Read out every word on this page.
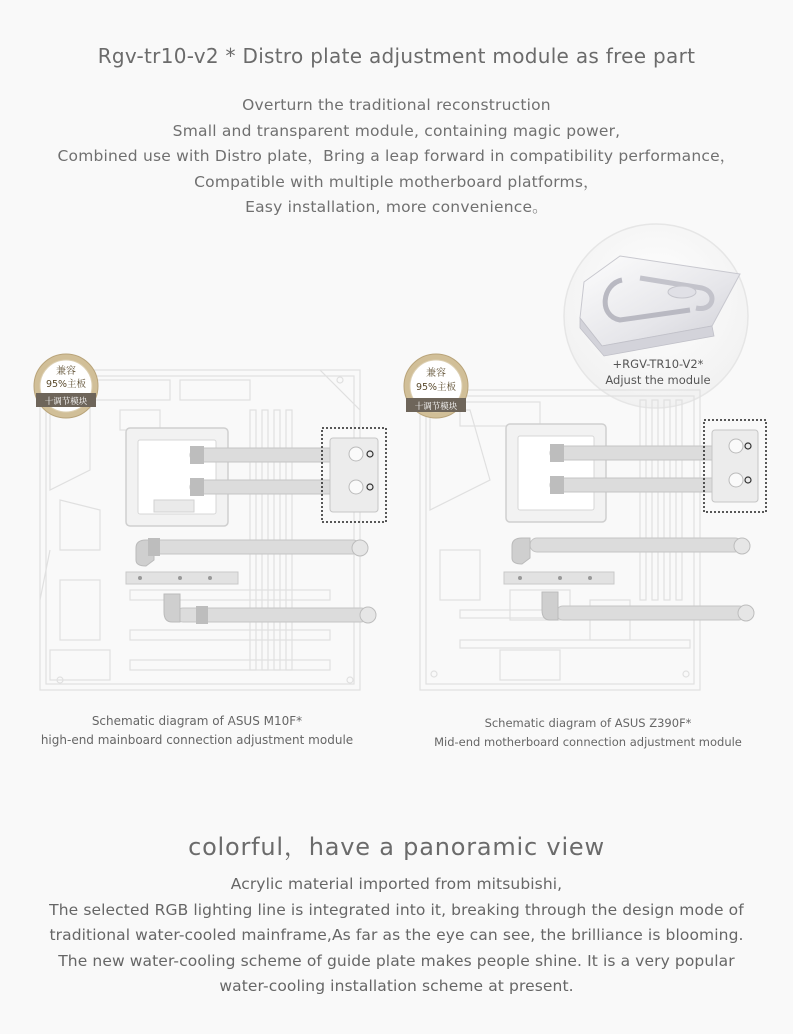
Rgv-tr10-v2 * Distro plate adjustment module as free part
Overturn the traditional reconstruction
Small and transparent module, containing magic power,
Combined use with Distro plate，Bring a leap forward in compatibility performance，
Compatible with multiple motherboard platforms，
Easy installation, more convenience。
+RGV-TR10-V2*
Adjust the module
兼容
95%主板
十调节模块
兼容
95%主板
十调节模块
Schematic diagram of ASUS M10F*
high-end mainboard connection adjustment module
Schematic diagram of ASUS Z390F*
Mid-end motherboard connection adjustment module
colorful，have a panoramic view
Acrylic material imported from mitsubishi,
The selected RGB lighting line is integrated into it, breaking through the design mode of
traditional water-cooled mainframe,As far as the eye can see, the brilliance is blooming.
The new water-cooling scheme of guide plate makes people shine. It is a very popular
water-cooling installation scheme at present.
